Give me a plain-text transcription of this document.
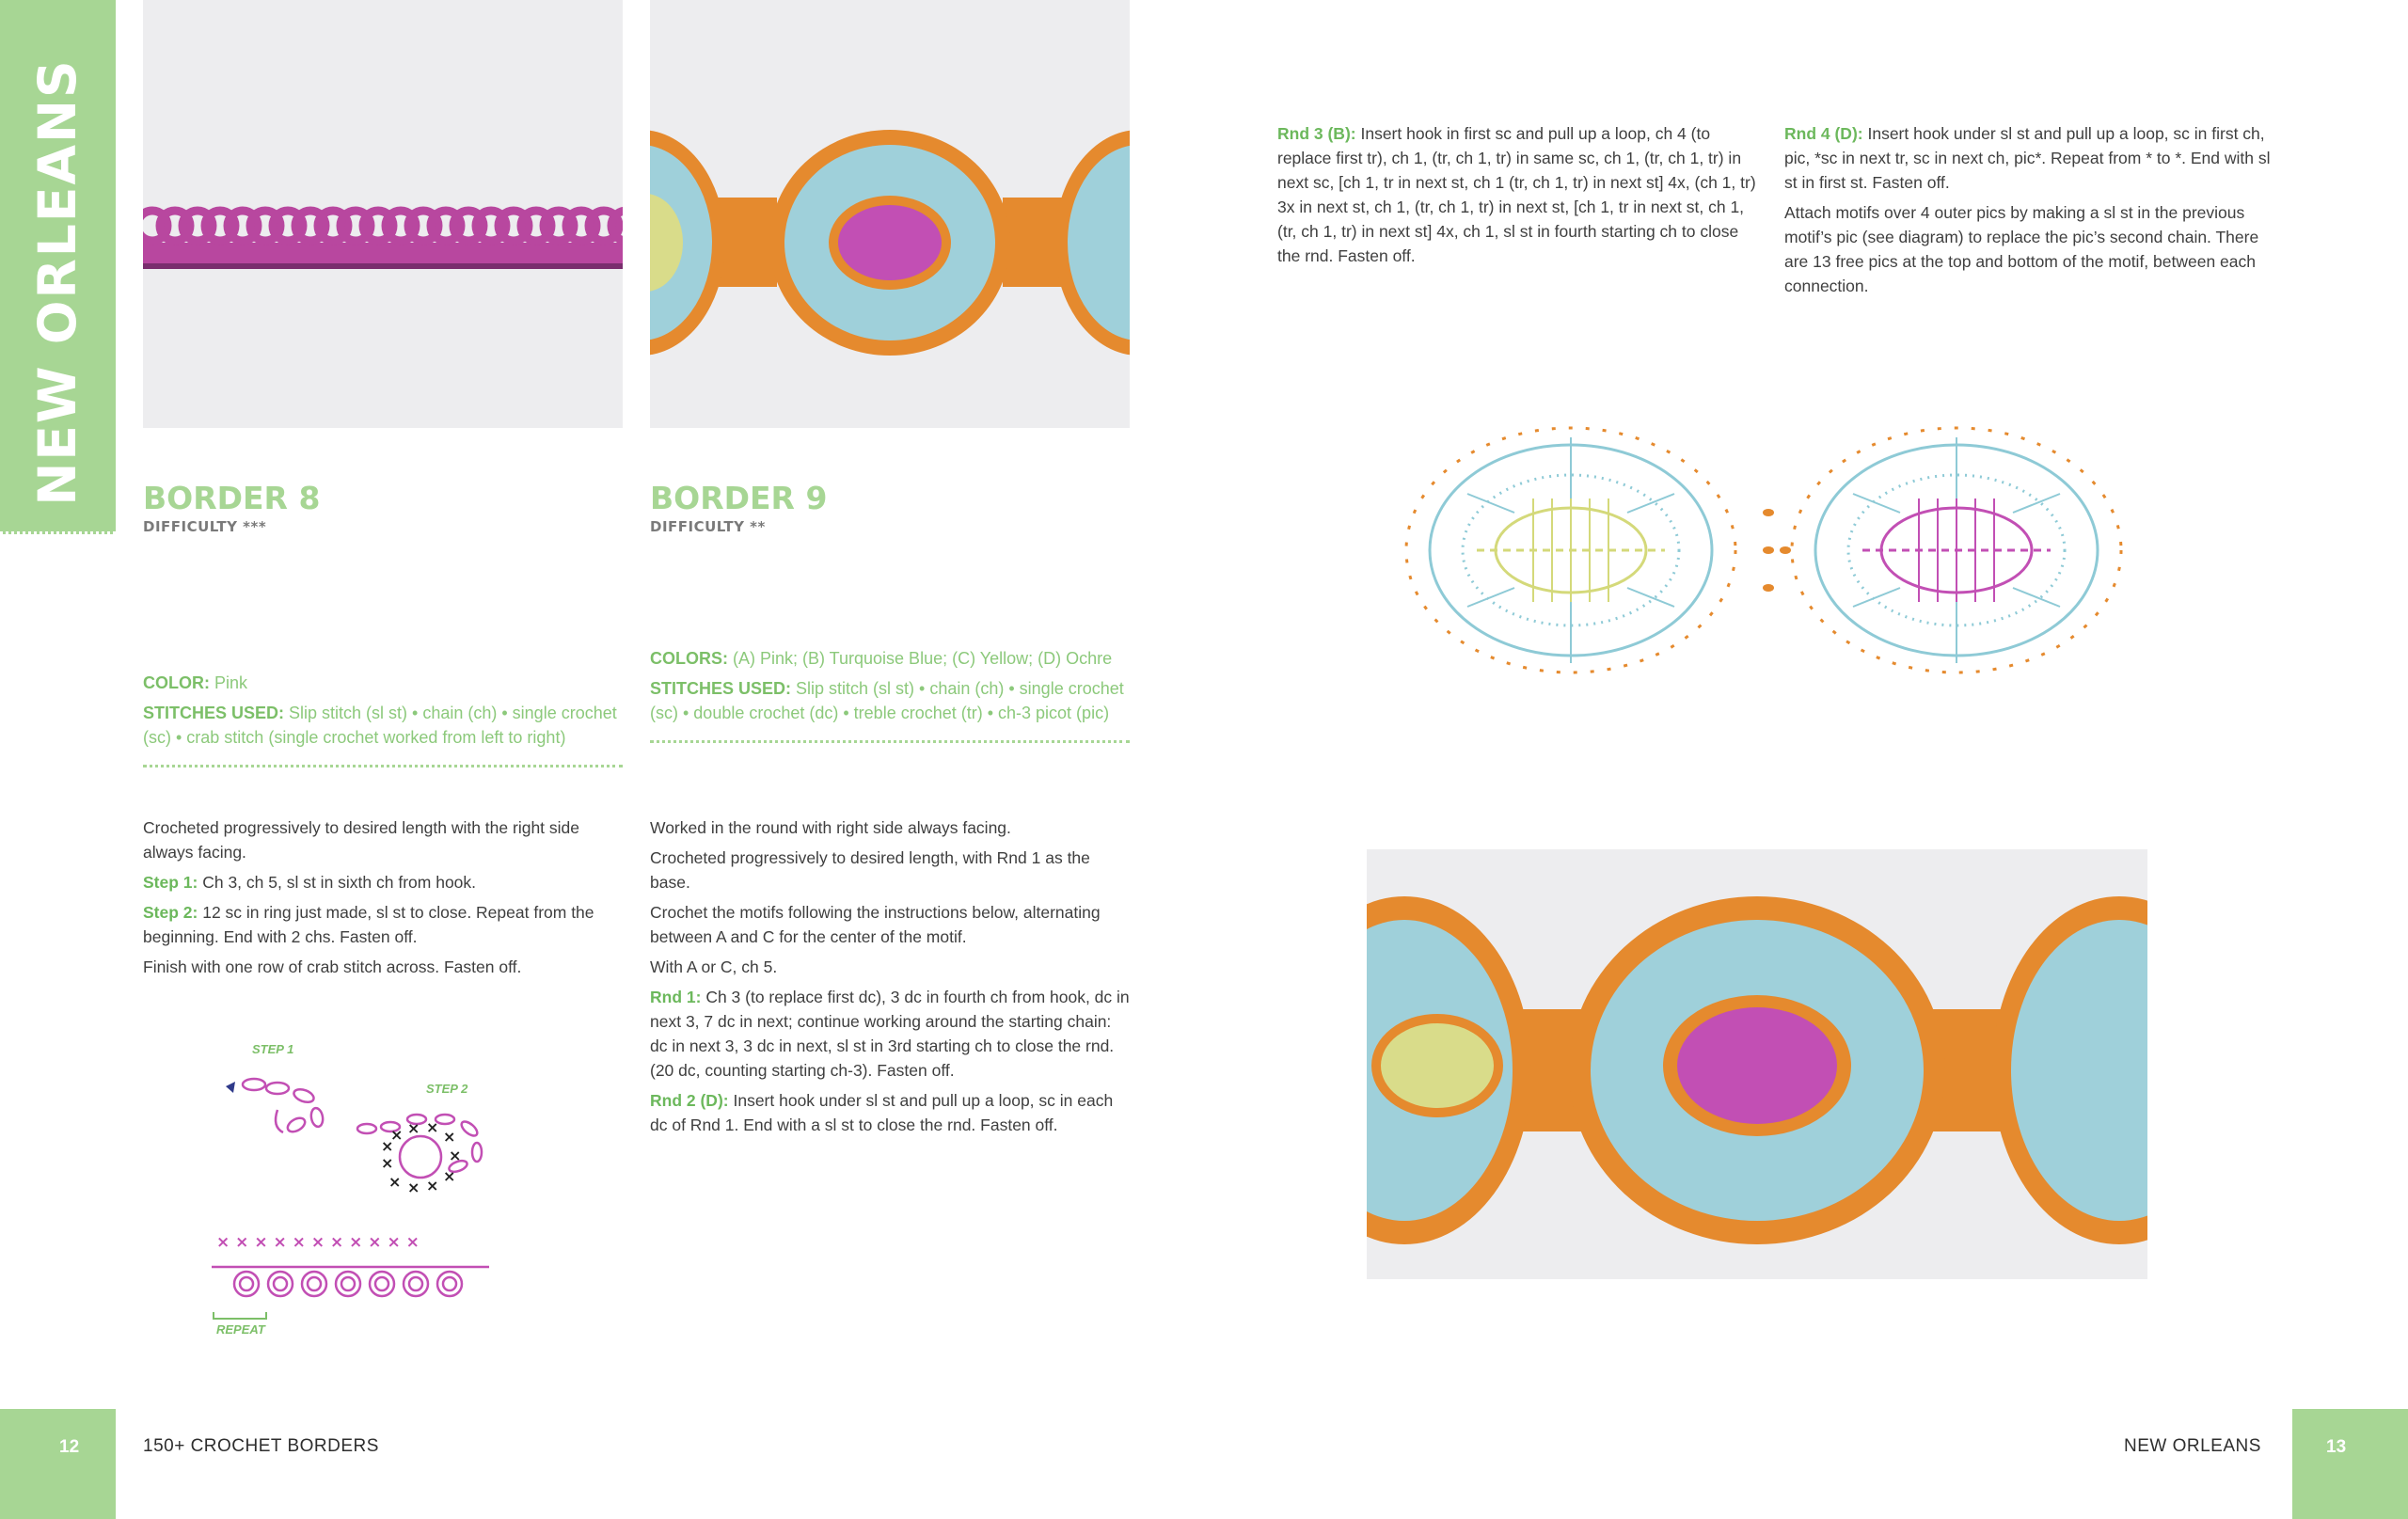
NEW ORLEANS BORDER 8
DIFFICULTY ***
BORDER 9
DIFFICULTY **

COLOR: Pink

STITCHES USED: Slip stitch (sl st) • chain (ch) • single crochet (sc) • crab stitch (single crochet worked from left to right)

COLORS: (A) Pink; (B) Turquoise Blue; (C) Yellow; (D) Ochre

STITCHES USED: Slip stitch (sl st) • chain (ch) • single crochet (sc) • double crochet (dc) • treble crochet (tr) • ch-3 picot (pic)

Crocheted progressively to desired length with the right side always facing.

Step 1: Ch 3, ch 5, sl st in sixth ch from hook.

Step 2: 12 sc in ring just made, sl st to close. Repeat from the beginning. End with 2 chs. Fasten off.

Finish with one row of crab stitch across. Fasten off.

Worked in the round with right side always facing.

Crocheted progressively to desired length, with Rnd 1 as the base.

Crochet the motifs following the instructions below, alternating between A and C for the center of the motif.

With A or C, ch 5.

Rnd 1: Ch 3 (to replace first dc), 3 dc in fourth ch from hook, dc in next 3, 7 dc in next; continue working around the starting chain: dc in next 3, 3 dc in next, sl st in 3rd starting ch to close the rnd. (20 dc, counting starting ch-3). Fasten off.

Rnd 2 (D): Insert hook under sl st and pull up a loop, sc in each dc of Rnd 1. End with a sl st to close the rnd. Fasten off.

Rnd 3 (B): Insert hook in first sc and pull up a loop, ch 4 (to replace first tr), ch 1, (tr, ch 1, tr) in same sc, ch 1, (tr, ch 1, tr) in next sc, [ch 1, tr in next st, ch 1 (tr, ch 1, tr) in next st] 4x, (ch 1, tr) 3x in next st, ch 1, (tr, ch 1, tr) in next st, [ch 1, tr in next st, ch 1, (tr, ch 1, tr) in next st] 4x, ch 1, sl st in fourth starting ch to close the rnd. Fasten off.

Rnd 4 (D): Insert hook under sl st and pull up a loop, sc in first ch, pic, *sc in next tr, sc in next ch, pic*. Repeat from * to *. End with sl st in first st. Fasten off.

Attach motifs over 4 outer pics by making a sl st in the previous motif’s pic (see diagram) to replace the pic’s second chain. There are 13 free pics at the top and bottom of the motif, between each connection.

× × ×
×
×
×
×
×
×
×
×
× × × × × × × × × × ×
STEP 1
STEP 2
REPEAT
12	150+ CROCHET BORDERS	13
NEW ORLEANS
